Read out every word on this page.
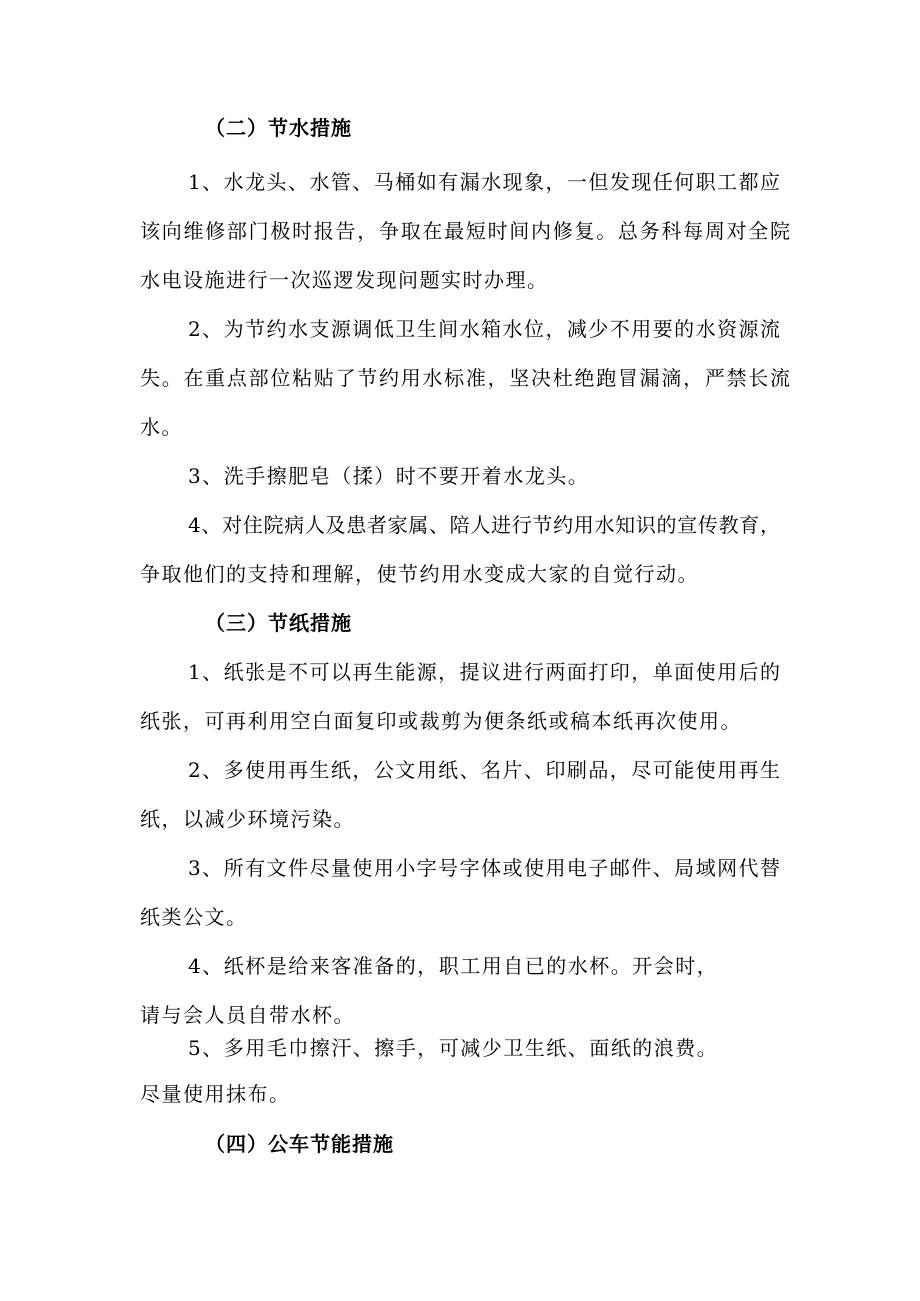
（二）节水措施
1、水龙头、水管、马桶如有漏水现象，一但发现任何职工都应
该向维修部门极时报告，争取在最短时间内修复。总务科每周对全院
水电设施进行一次巡逻发现问题实时办理。
2、为节约水支源调低卫生间水箱水位，减少不用要的水资源流
失。在重点部位粘贴了节约用水标准，坚决杜绝跑冒漏滴，严禁长流
水。
3、洗手擦肥皂（揉）时不要开着水龙头。
4、对住院病人及患者家属、陪人进行节约用水知识的宣传教育，
争取他们的支持和理解，使节约用水变成大家的自觉行动。
（三）节纸措施
1、纸张是不可以再生能源，提议进行两面打印，单面使用后的
纸张，可再利用空白面复印或裁剪为便条纸或稿本纸再次使用。
2、多使用再生纸，公文用纸、名片、印刷品，尽可能使用再生
纸，以减少环境污染。
3、所有文件尽量使用小字号字体或使用电子邮件、局域网代替
纸类公文。
4、纸杯是给来客准备的，职工用自已的水杯。开会时，
请与会人员自带水杯。
5、多用毛巾擦汗、擦手，可减少卫生纸、面纸的浪费。
尽量使用抹布。
（四）公车节能措施
